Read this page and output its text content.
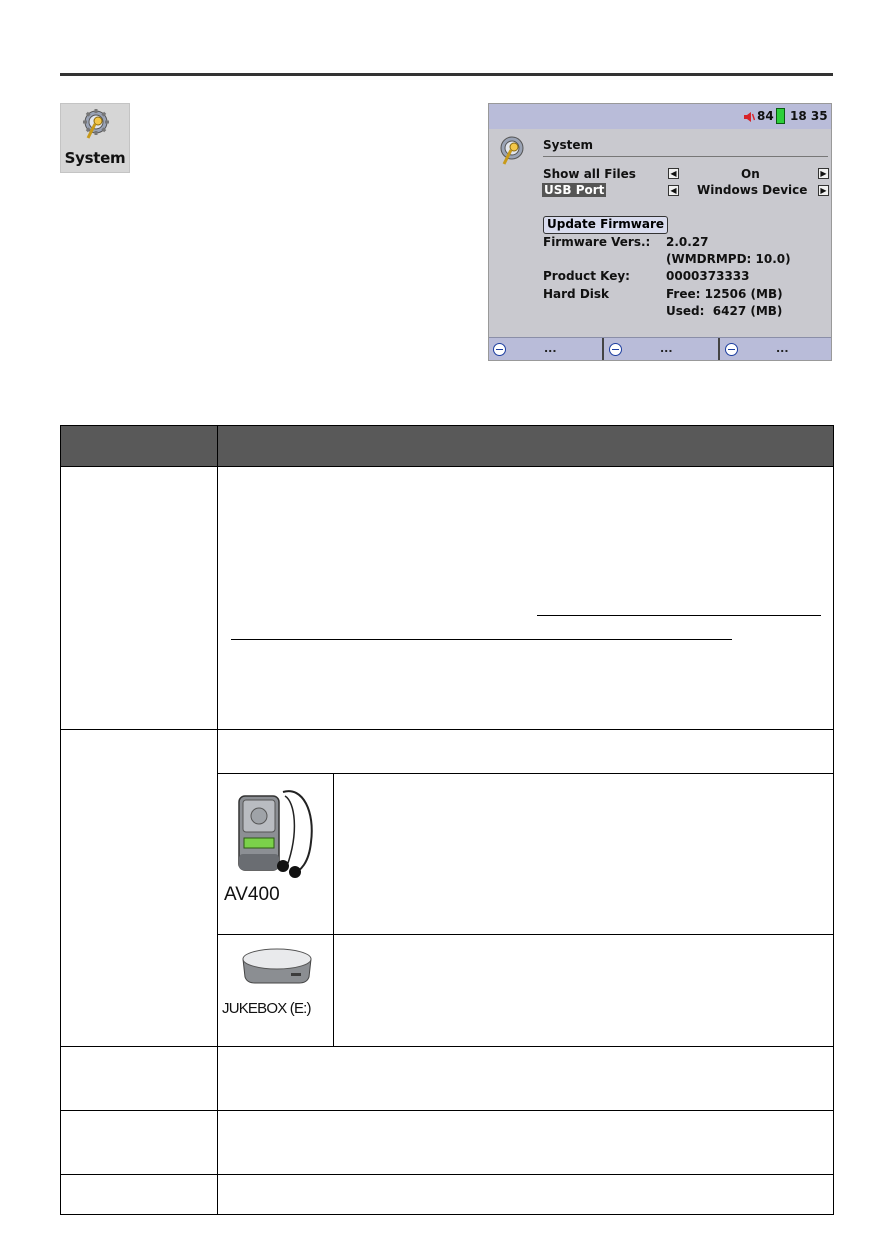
System
84 18 35
System
Show all Files	◀	On	▶
USB Port	◀ Windows Device	▶
Update Firmware
Firmware Vers.: 2.0.27
(WMDRMPD: 10.0)
Product Key:	0000373333
Hard Disk	Free: 12506 (MB)
Used:  6427 (MB)
...	...	...
AV400
JUKEBOX (E:)
